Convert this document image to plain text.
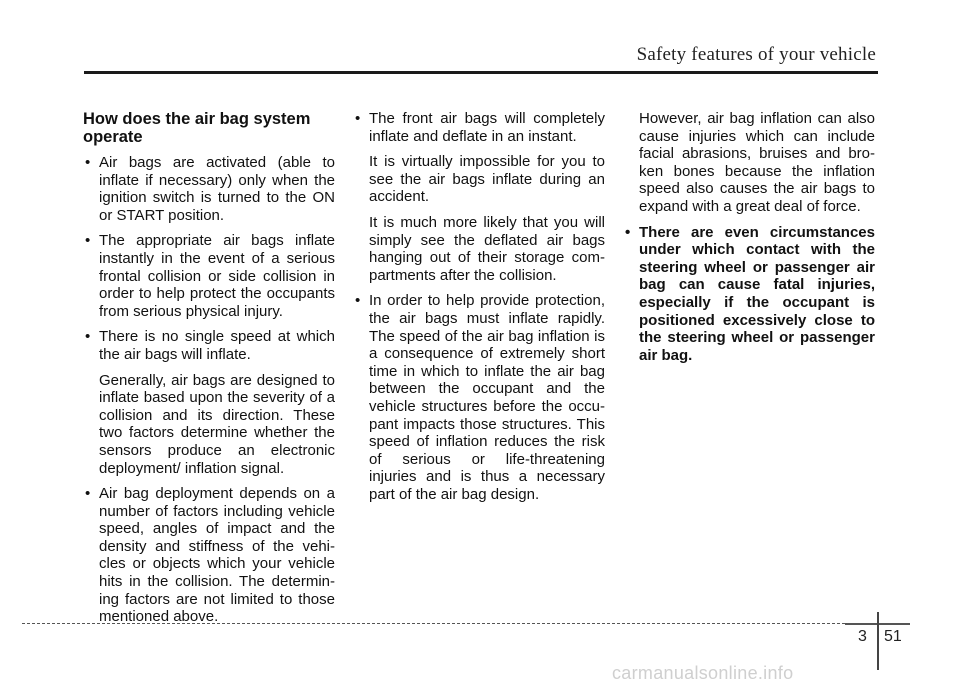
Safety features of your vehicle
How does the air bag system operate
• Air bags are activated (able to inflate if necessary) only when the ignition switch is turned to the ON or START position.
• The appropriate air bags inflate instantly in the event of a serious frontal collision or side collision in order to help protect the occupants from serious physical injury.
• There is no single speed at which the air bags will inflate.
Generally, air bags are designed to inflate based upon the severity of a collision and its direction. These two factors determine whether the sensors produce an electronic deployment/ inflation signal.
• Air bag deployment depends on a number of factors including vehicle speed, angles of impact and the density and stiffness of the vehi-cles or objects which your vehicle hits in the collision. The determin-ing factors are not limited to those mentioned above.
• The front air bags will completely inflate and deflate in an instant.
It is virtually impossible for you to see the air bags inflate during an accident.
It is much more likely that you will simply see the deflated air bags hanging out of their storage com-partments after the collision.
• In order to help provide protection, the air bags must inflate rapidly. The speed of the air bag inflation is a consequence of extremely short time in which to inflate the air bag between the occupant and the vehicle structures before the occu-pant impacts those structures. This speed of inflation reduces the risk of serious or life-threatening injuries and is thus a necessary part of the air bag design.
However, air bag inflation can also cause injuries which can include facial abrasions, bruises and bro-ken bones because the inflation speed also causes the air bags to expand with a great deal of force.
• There are even circumstances under which contact with the steering wheel or passenger air bag can cause fatal injuries, especially if the occupant is positioned excessively close to the steering wheel or passenger air bag.
3 51
carmanualsonline.info
